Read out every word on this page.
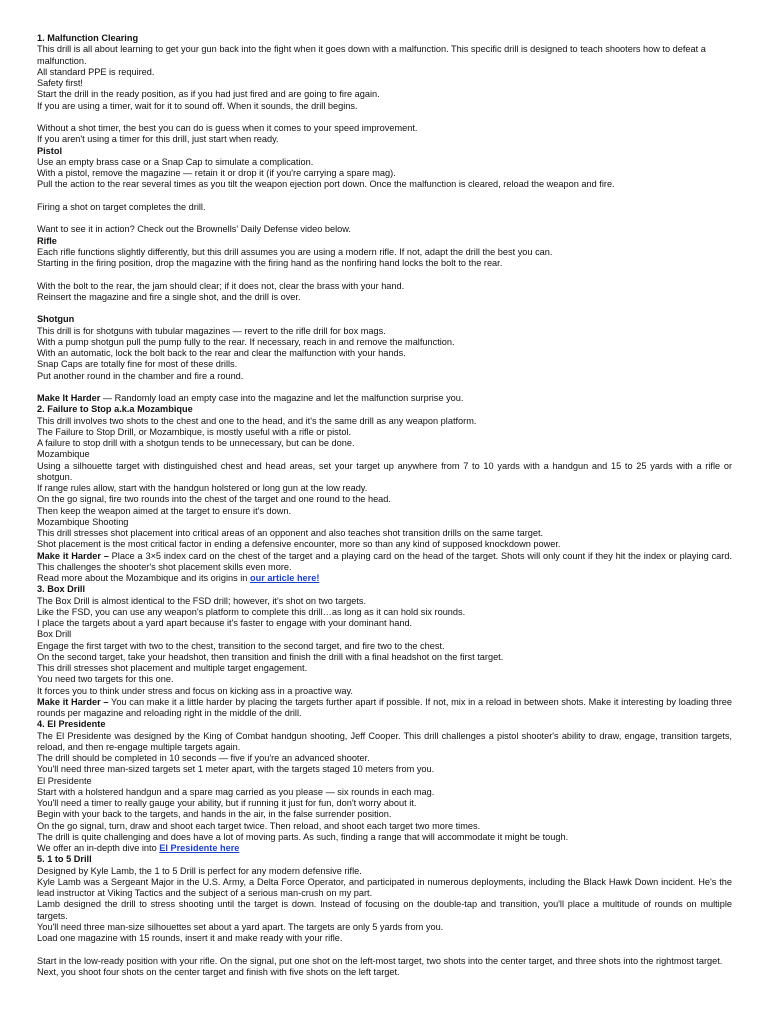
1. Malfunction Clearing

This drill is all about learning to get your gun back into the fight when it goes down with a malfunction. This specific drill is designed to teach shooters how to defeat a malfunction.

All standard PPE is required.

Safety first!

Start the drill in the ready position, as if you had just fired and are going to fire again.

If you are using a timer, wait for it to sound off. When it sounds, the drill begins.

Without a shot timer, the best you can do is guess when it comes to your speed improvement.

If you aren't using a timer for this drill, just start when ready.

Pistol

Use an empty brass case or a Snap Cap to simulate a complication.

With a pistol, remove the magazine — retain it or drop it (if you're carrying a spare mag).

Pull the action to the rear several times as you tilt the weapon ejection port down. Once the malfunction is cleared, reload the weapon and fire.

Firing a shot on target completes the drill.

Want to see it in action? Check out the Brownells' Daily Defense video below.

Rifle

Each rifle functions slightly differently, but this drill assumes you are using a modern rifle. If not, adapt the drill the best you can.

Starting in the firing position, drop the magazine with the firing hand as the nonfiring hand locks the bolt to the rear.

With the bolt to the rear, the jam should clear; if it does not, clear the brass with your hand.

Reinsert the magazine and fire a single shot, and the drill is over.

Shotgun

This drill is for shotguns with tubular magazines — revert to the rifle drill for box mags.

With a pump shotgun pull the pump fully to the rear. If necessary, reach in and remove the malfunction.

With an automatic, lock the bolt back to the rear and clear the malfunction with your hands.

Snap Caps are totally fine for most of these drills.

Put another round in the chamber and fire a round.

Make It Harder — Randomly load an empty case into the magazine and let the malfunction surprise you.

2. Failure to Stop a.k.a Mozambique

This drill involves two shots to the chest and one to the head, and it's the same drill as any weapon platform.

The Failure to Stop Drill, or Mozambique, is mostly useful with a rifle or pistol.

A failure to stop drill with a shotgun tends to be unnecessary, but can be done.

Mozambique

Using a silhouette target with distinguished chest and head areas, set your target up anywhere from 7 to 10 yards with a handgun and 15 to 25 yards with a rifle or shotgun.

If range rules allow, start with the handgun holstered or long gun at the low ready.

On the go signal, fire two rounds into the chest of the target and one round to the head.

Then keep the weapon aimed at the target to ensure it's down.

Mozambique Shooting

This drill stresses shot placement into critical areas of an opponent and also teaches shot transition drills on the same target.

Shot placement is the most critical factor in ending a defensive encounter, more so than any kind of supposed knockdown power.

Make it Harder – Place a 3×5 index card on the chest of the target and a playing card on the head of the target. Shots will only count if they hit the index or playing card. This challenges the shooter's shot placement skills even more.

Read more about the Mozambique and its origins in our article here!

3. Box Drill

The Box Drill is almost identical to the FSD drill; however, it's shot on two targets.

Like the FSD, you can use any weapon's platform to complete this drill…as long as it can hold six rounds.

I place the targets about a yard apart because it's faster to engage with your dominant hand.

Box Drill

Engage the first target with two to the chest, transition to the second target, and fire two to the chest.

On the second target, take your headshot, then transition and finish the drill with a final headshot on the first target.

This drill stresses shot placement and multiple target engagement.

You need two targets for this one.

It forces you to think under stress and focus on kicking ass in a proactive way.

Make it Harder – You can make it a little harder by placing the targets further apart if possible. If not, mix in a reload in between shots. Make it interesting by loading three rounds per magazine and reloading right in the middle of the drill.

4. El Presidente

The El Presidente was designed by the King of Combat handgun shooting, Jeff Cooper. This drill challenges a pistol shooter's ability to draw, engage, transition targets, reload, and then re-engage multiple targets again.

The drill should be completed in 10 seconds — five if you're an advanced shooter.

You'll need three man-sized targets set 1 meter apart, with the targets staged 10 meters from you.

El Presidente

Start with a holstered handgun and a spare mag carried as you please — six rounds in each mag.

You'll need a timer to really gauge your ability, but if running it just for fun, don't worry about it.

Begin with your back to the targets, and hands in the air, in the false surrender position.

On the go signal, turn, draw and shoot each target twice. Then reload, and shoot each target two more times.

The drill is quite challenging and does have a lot of moving parts. As such, finding a range that will accommodate it might be tough.

We offer an in-depth dive into El Presidente here

5. 1 to 5 Drill

Designed by Kyle Lamb, the 1 to 5 Drill is perfect for any modern defensive rifle.

Kyle Lamb was a Sergeant Major in the U.S. Army, a Delta Force Operator, and participated in numerous deployments, including the Black Hawk Down incident. He's the lead instructor at Viking Tactics and the subject of a serious man-crush on my part.

Lamb designed the drill to stress shooting until the target is down. Instead of focusing on the double-tap and transition, you'll place a multitude of rounds on multiple targets.

You'll need three man-size silhouettes set about a yard apart. The targets are only 5 yards from you.

Load one magazine with 15 rounds, insert it and make ready with your rifle.

Start in the low-ready position with your rifle. On the signal, put one shot on the left-most target, two shots into the center target, and three shots into the rightmost target.

Next, you shoot four shots on the center target and finish with five shots on the left target.
